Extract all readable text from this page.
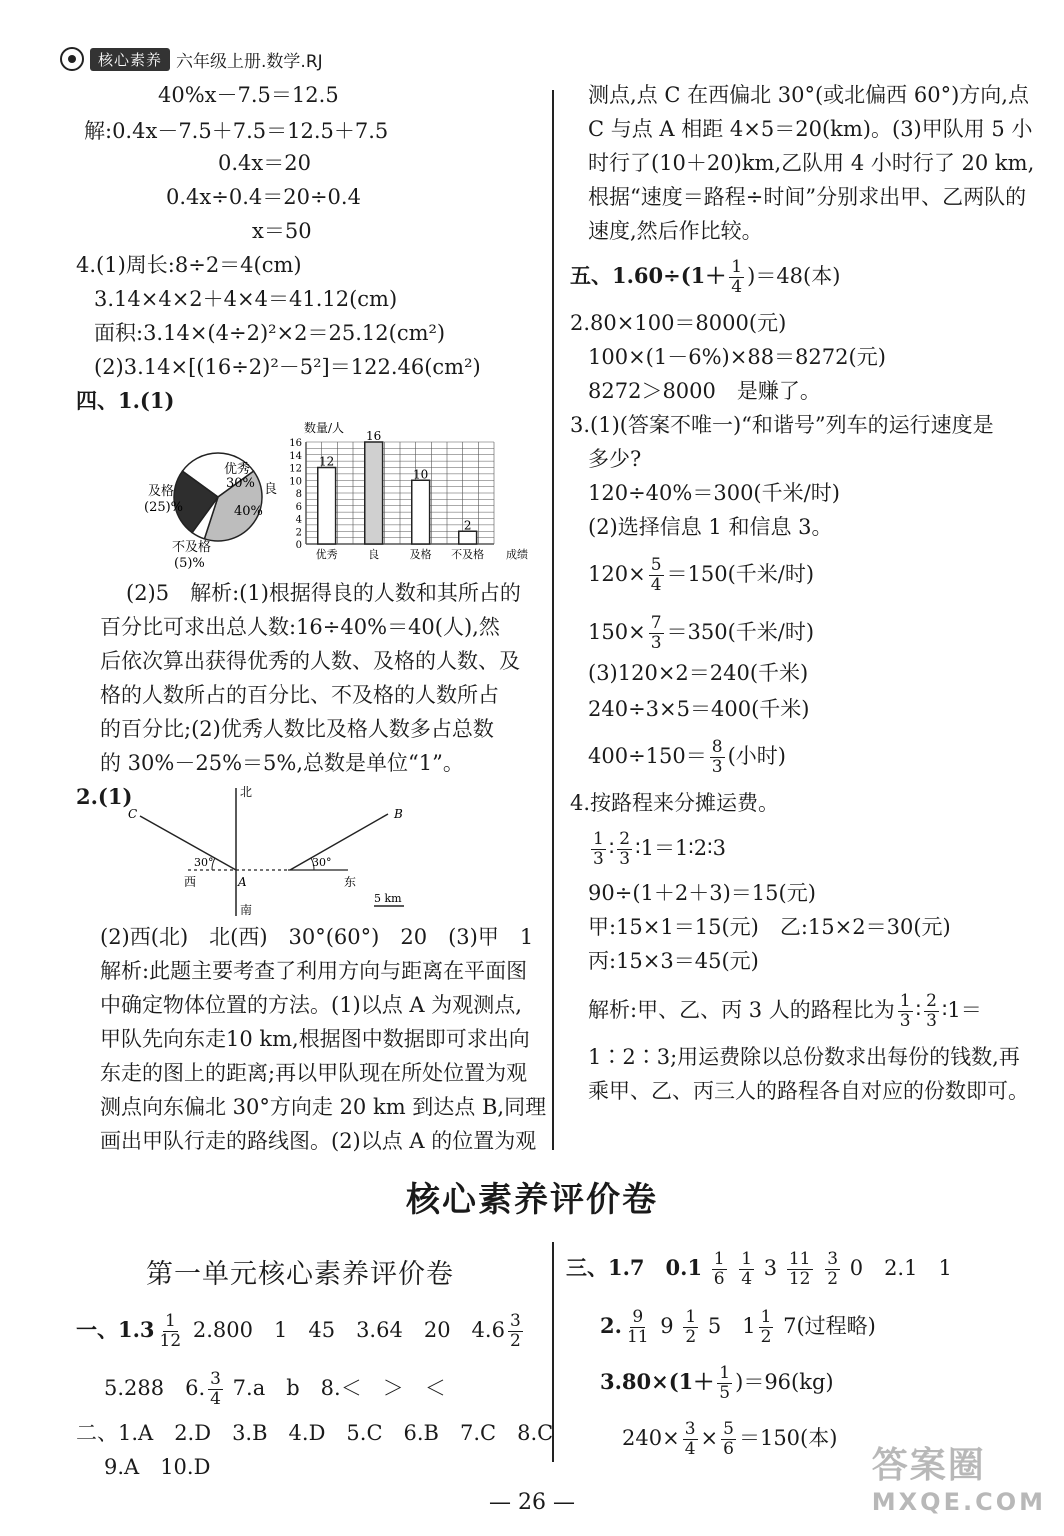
核心素养 六年级上册.数学.RJ
40%x－7.5＝12.5
解:0.4x－7.5＋7.5＝12.5＋7.5
0.4x＝20
0.4x÷0.4＝20÷0.4
x＝50
4.(1)周长:8÷2＝4(cm)
3.14×4×2＋4×4＝41.12(cm)
面积:3.14×(4÷2)²×2＝25.12(cm²)
(2)3.14×[(16÷2)²－5²]＝122.46(cm²)
四、1.(1)
优秀
30% 良
40%
及格
(25)%
不及格
(5)%
数量/人
0
2
4
6
8
10
12
14
16
12
优秀
16
良
10
及格
2
不及格 成绩
(2)5　解析:(1)根据得良的人数和其所占的
百分比可求出总人数:16÷40%＝40(人),然
后依次算出获得优秀的人数、及格的人数、及
格的人数所占的百分比、不及格的人数所占
的百分比;(2)优秀人数比及格人数多占总数
的 30%－25%＝5%,总数是单位“1”。
2.(1)	北
南
西	东
A
B
C
30°	30°
5 km
(2)西(北)　北(西)　30°(60°)　20　(3)甲　1
解析:此题主要考查了利用方向与距离在平面图
中确定物体位置的方法。(1)以点 A 为观测点,
甲队先向东走10 km,根据图中数据即可求出向
东走的图上的距离;再以甲队现在所处位置为观
测点向东偏北 30°方向走 20 km 到达点 B,同理
画出甲队行走的路线图。(2)以点 A 的位置为观
测点,点 C 在西偏北 30°(或北偏西 60°)方向,点
C 与点 A 相距 4×5＝20(km)。(3)甲队用 5 小
时行了(10＋20)km,乙队用 4 小时行了 20 km,
根据“速度＝路程÷时间”分别求出甲、乙两队的
速度,然后作比较。
五、$1.60\div(1+ \frac{1}{4} )=48$(本)
2.80×100＝8000(元)
100×(1－6%)×88＝8272(元)
8272＞8000　是赚了。
3.(1)(答案不唯一)“和谐号”列车的运行速度是
多少?
120÷40%＝300(千米/时)
(2)选择信息 1 和信息 3。
$120\times \frac{5}{4} =150$(千米/时)
$150\times \frac{7}{3} =350$(千米/时)
(3)120×2＝240(千米)
240÷3×5＝400(千米)
$400\div 150= \frac{8}{3}$ (小时)
4.按路程来分摊运费。
$\frac{1}{3}$ ∶ $\frac{2}{3}$ ∶1＝1∶2∶3
90÷(1＋2＋3)＝15(元)
甲:15×1＝15(元)　乙:15×2＝30(元)
丙:15×3＝45(元)
解析:甲、乙、丙 3 人的路程比为 $\frac{1}{3}$ ∶ $\frac{2}{3}$ ∶1＝
1∶2∶3;用运费除以总份数求出每份的钱数,再
乘甲、乙、丙三人的路程各自对应的份数即可。
核心素养评价卷
第一单元核心素养评价卷
一、$1.3 \frac{1}{12} 2.800$　1　45　3.64　20　$4.6 \frac{3}{2}$
5.288　6. $\frac{3}{4} 7.a$　b　8.＜　＞　＜
二、1.A　2.D　3.B　4.D　5.C　6.B　7.C　8.C
9.A　10.D
三、1.7　$0.1 \frac{1}{6}$
$\frac{1}{4} 3 \frac{11}{12}$
$\frac{3}{2} 0$　2.1　1
2. $\frac{9}{11} 9 \frac{1}{2} 5$　$1 \frac{1}{2} 7$(过程略)
$3.80\times(1+ \frac{1}{5} )=96(kg)$
$240\times \frac{3}{4} \times \frac{5}{6} =150$(本)
— 26 —
答案圈
MXQE.COM
